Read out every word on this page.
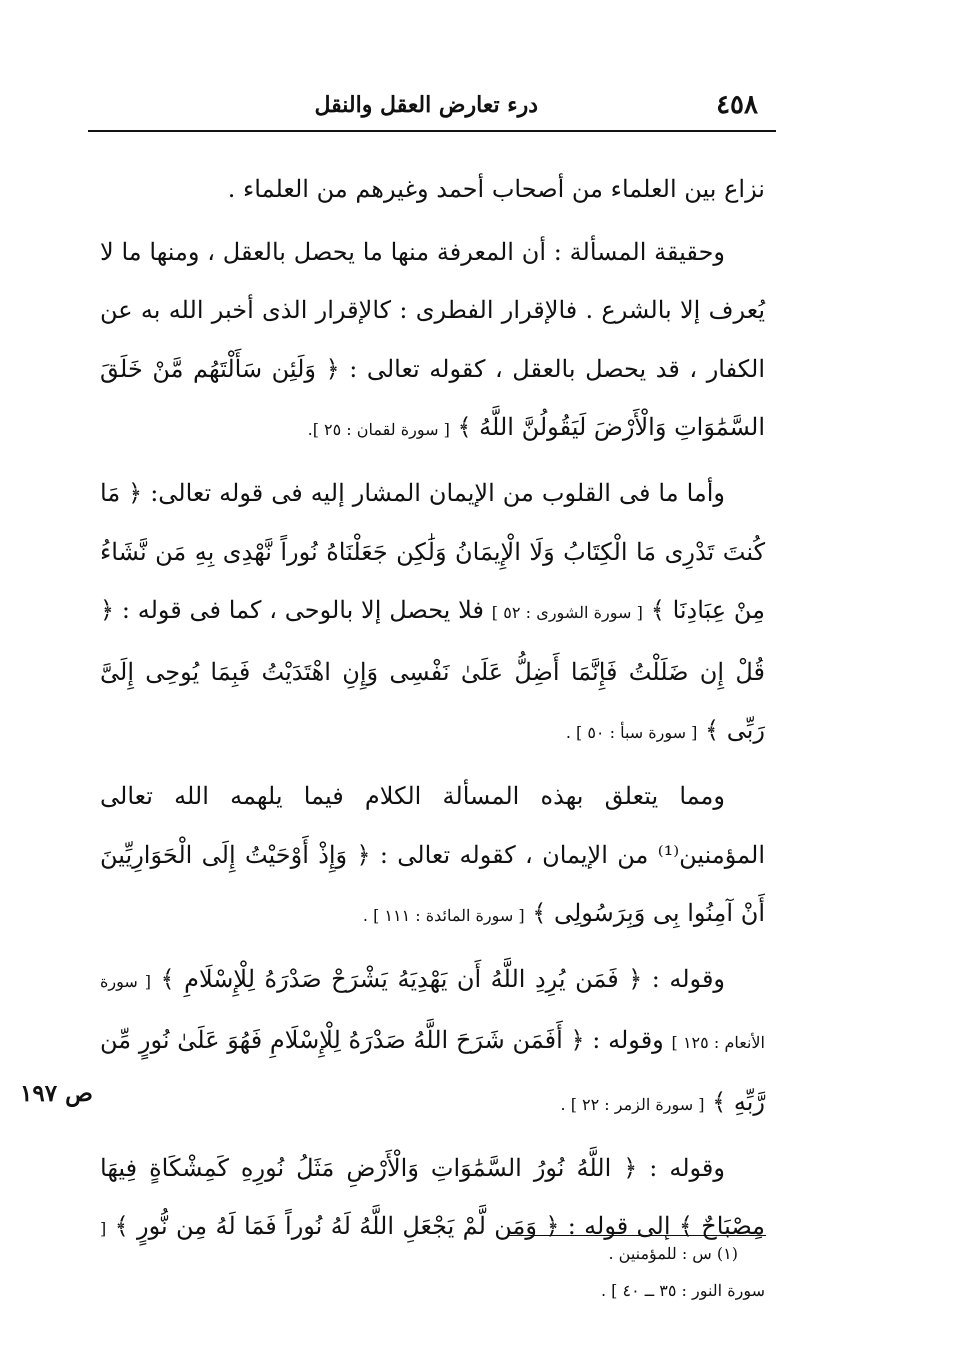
٤٥٨
درء تعارض العقل والنقل

نزاع بين العلماء من أصحاب أحمد وغيرهم من العلماء .

وحقيقة المسألة : أن المعرفة منها ما يحصل بالعقل ، ومنها ما لا يُعرف إلا بالشرع . فالإقرار الفطرى : كالإقرار الذى أخبر الله به عن الكفار ، قد يحصل بالعقل ، كقوله تعالى : ﴿ وَلَئِن سَأَلْتَهُم مَّنْ خَلَقَ السَّمَٰوَاتِ وَالْأَرْضَ لَيَقُولُنَّ اللَّهُ ﴾ [ سورة لقمان : ٢٥ ].

وأما ما فى القلوب من الإيمان المشار إليه فى قوله تعالى: ﴿ مَا كُنتَ تَدْرِى مَا الْكِتَابُ وَلَا الْإِيمَانُ وَلَٰكِن جَعَلْنَاهُ نُوراً نَّهْدِى بِهِ مَن نَّشَاءُ مِنْ عِبَادِنَا ﴾ [ سورة الشورى : ٥٢ ] فلا يحصل إلا بالوحى ، كما فى قوله : ﴿ قُلْ إِن ضَلَلْتُ فَإِنَّمَا أَضِلُّ عَلَىٰ نَفْسِى وَإِنِ اهْتَدَيْتُ فَبِمَا يُوحِى إِلَىَّ رَبِّى ﴾ [ سورة سبأ : ٥٠ ] .

ومما يتعلق بهذه المسألة الكلام فيما يلهمه الله تعالى المؤمنين⁽¹⁾ من الإيمان ، كقوله تعالى : ﴿ وَإِذْ أَوْحَيْتُ إِلَى الْحَوَارِيِّينَ أَنْ آمِنُوا بِى وَبِرَسُولِى ﴾ [ سورة المائدة : ١١١ ] .

وقوله : ﴿ فَمَن يُرِدِ اللَّهُ أَن يَهْدِيَهُ يَشْرَحْ صَدْرَهُ لِلْإِسْلَامِ ﴾ [ سورة الأنعام : ١٢٥ ] وقوله : ﴿ أَفَمَن شَرَحَ اللَّهُ صَدْرَهُ لِلْإِسْلَامِ فَهُوَ عَلَىٰ نُورٍ مِّن رَّبِّهِ ﴾ [ سورة الزمر : ٢٢ ] .

وقوله : ﴿ اللَّهُ نُورُ السَّمَٰوَاتِ وَالْأَرْضِ مَثَلُ نُورِهِ كَمِشْكَاةٍ فِيهَا مِصْبَاحٌ ﴾ إلى قوله : ﴿ وَمَن لَّمْ يَجْعَلِ اللَّهُ لَهُ نُوراً فَمَا لَهُ مِن نُّورٍ ﴾ [ سورة النور : ٣٥ ــ ٤٠ ] .

ص ١٩٧
(١) س : للمؤمنين .
